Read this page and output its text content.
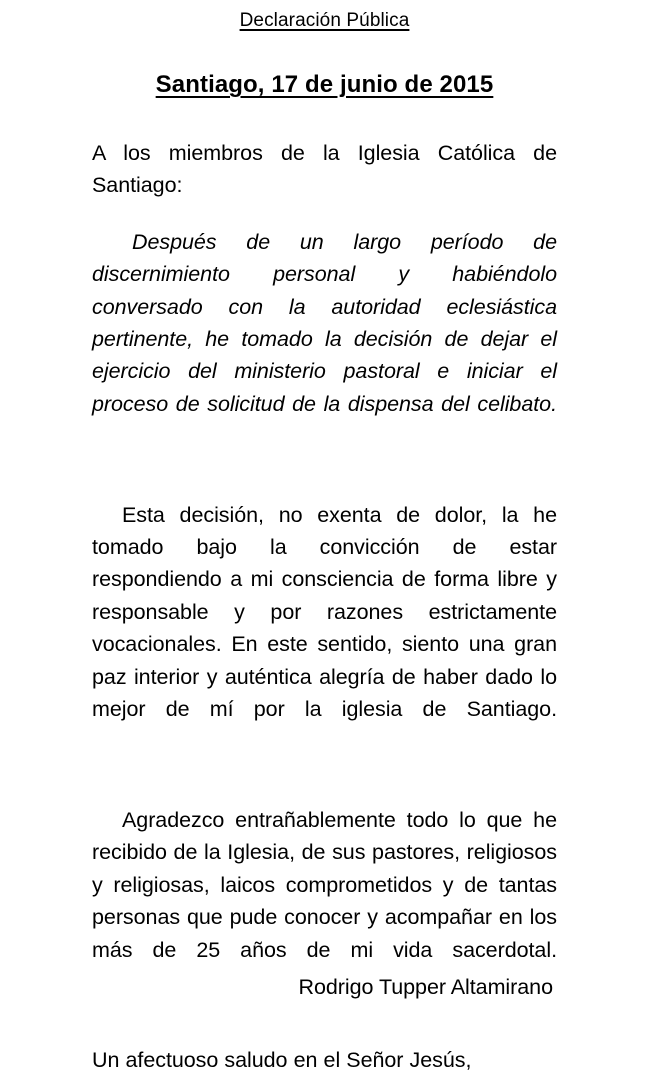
Declaración Pública
Santiago, 17 de junio de 2015

A los miembros de la Iglesia Católica de Santiago:

Después de un largo período de discernimiento personal y habiéndolo conversado con la autoridad eclesiástica pertinente, he tomado la decisión de dejar el ejercicio del ministerio pastoral e iniciar el proceso de solicitud de la dispensa del celibato.

Esta decisión, no exenta de dolor, la he tomado bajo la convicción de estar respondiendo a mi consciencia de forma libre y responsable y por razones estrictamente vocacionales. En este sentido, siento una gran paz interior y auténtica alegría de haber dado lo mejor de mí por la iglesia de Santiago.

Agradezco entrañablemente todo lo que he recibido de la Iglesia, de sus pastores, religiosos y religiosas, laicos comprometidos y de tantas personas que pude conocer y acompañar en los más de 25 años de mi vida sacerdotal.

Un afectuoso saludo en el Señor Jesús,

Rodrigo Tupper Altamirano
